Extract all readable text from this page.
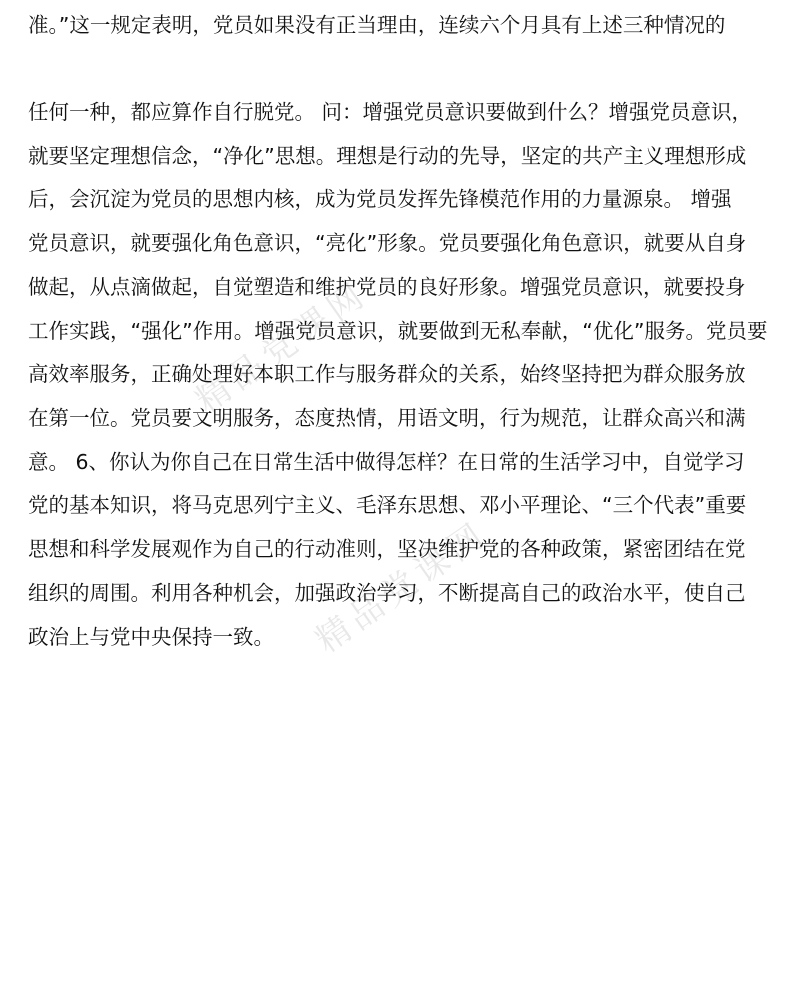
精品党课网
精品党课网
准。”这一规定表明，党员如果没有正当理由，连续六个月具有上述三种情况的
任何一种，都应算作自行脱党。 问：增强党员意识要做到什么？增强党员意识，
就要坚定理想信念，“净化”思想。理想是行动的先导，坚定的共产主义理想形成
后，会沉淀为党员的思想内核，成为党员发挥先锋模范作用的力量源泉。 增强
党员意识，就要强化角色意识，“亮化”形象。党员要强化角色意识，就要从自身
做起，从点滴做起，自觉塑造和维护党员的良好形象。增强党员意识，就要投身
工作实践，“强化”作用。增强党员意识，就要做到无私奉献，“优化”服务。党员要
高效率服务，正确处理好本职工作与服务群众的关系，始终坚持把为群众服务放
在第一位。党员要文明服务，态度热情，用语文明，行为规范，让群众高兴和满
意。 6、你认为你自己在日常生活中做得怎样？在日常的生活学习中，自觉学习
党的基本知识，将马克思列宁主义、毛泽东思想、邓小平理论、“三个代表”重要
思想和科学发展观作为自己的行动准则，坚决维护党的各种政策，紧密团结在党
组织的周围。利用各种机会，加强政治学习，不断提高自己的政治水平，使自己
政治上与党中央保持一致。
